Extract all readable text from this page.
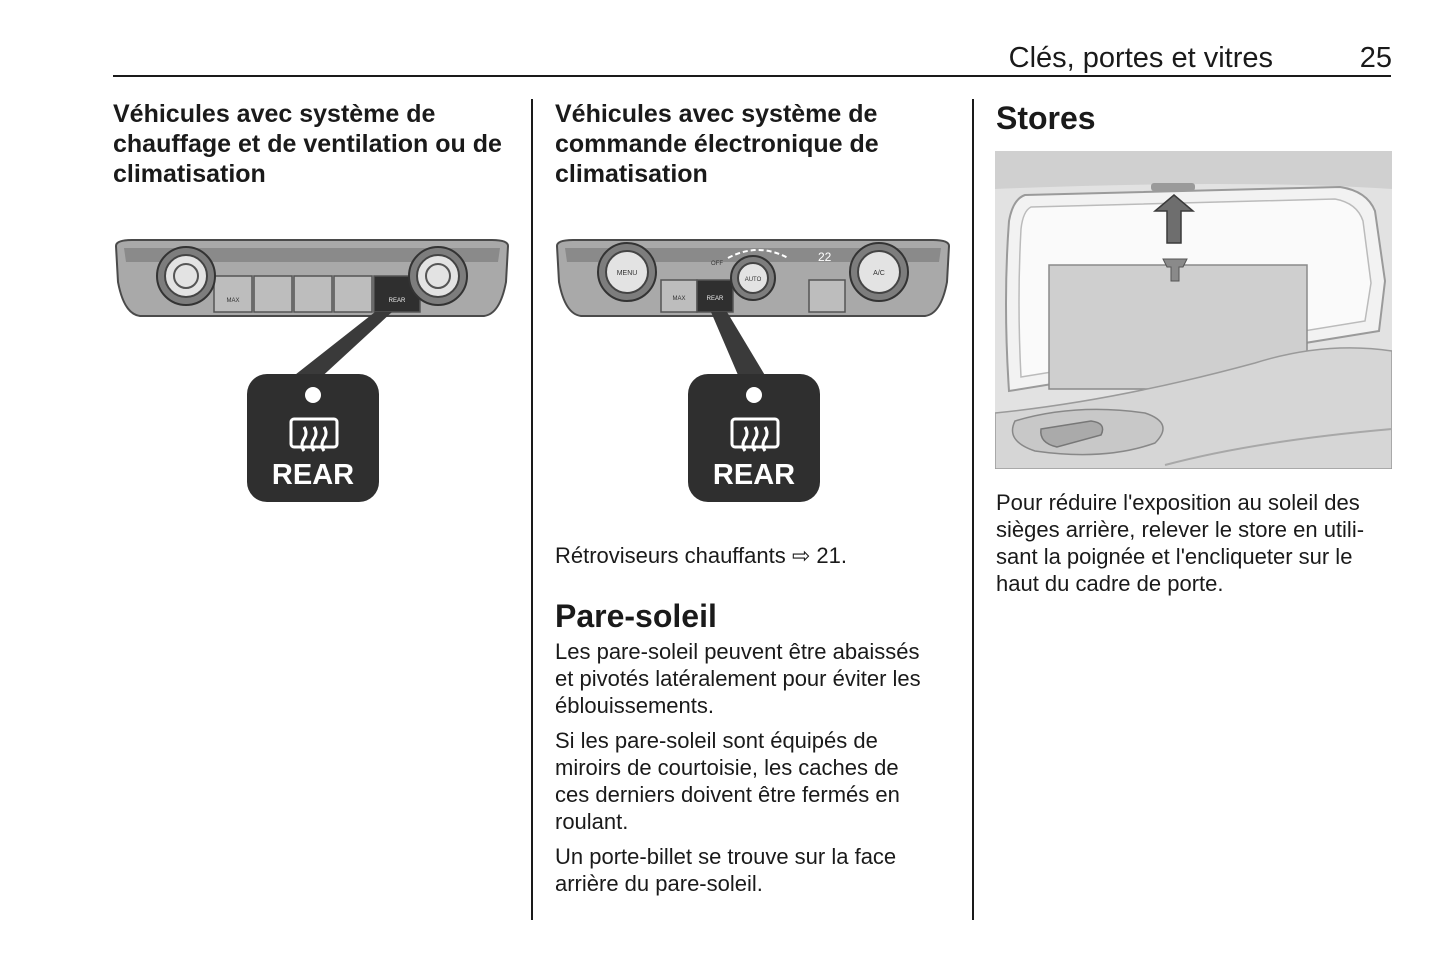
Clés, portes et vitres	25
Véhicules avec système de
chauffage et de ventilation ou de
climatisation
MAX	REAR
REAR
Véhicules avec système de
commande électronique de
climatisation
22
OFF
MAX	REAR
MENU
AUTO
A/C
REAR

Rétroviseurs chauffants ⇨ 21.

Pare-soleil
Les pare-soleil peuvent être abaissés
et pivotés latéralement pour éviter les
éblouissements.
Si les pare-soleil sont équipés de
miroirs de courtoisie, les caches de
ces derniers doivent être fermés en
roulant.
Un porte-billet se trouve sur la face
arrière du pare-soleil.
Stores
Pour réduire l'exposition au soleil des
sièges arrière, relever le store en utili-
sant la poignée et l'encliqueter sur le
haut du cadre de porte.
